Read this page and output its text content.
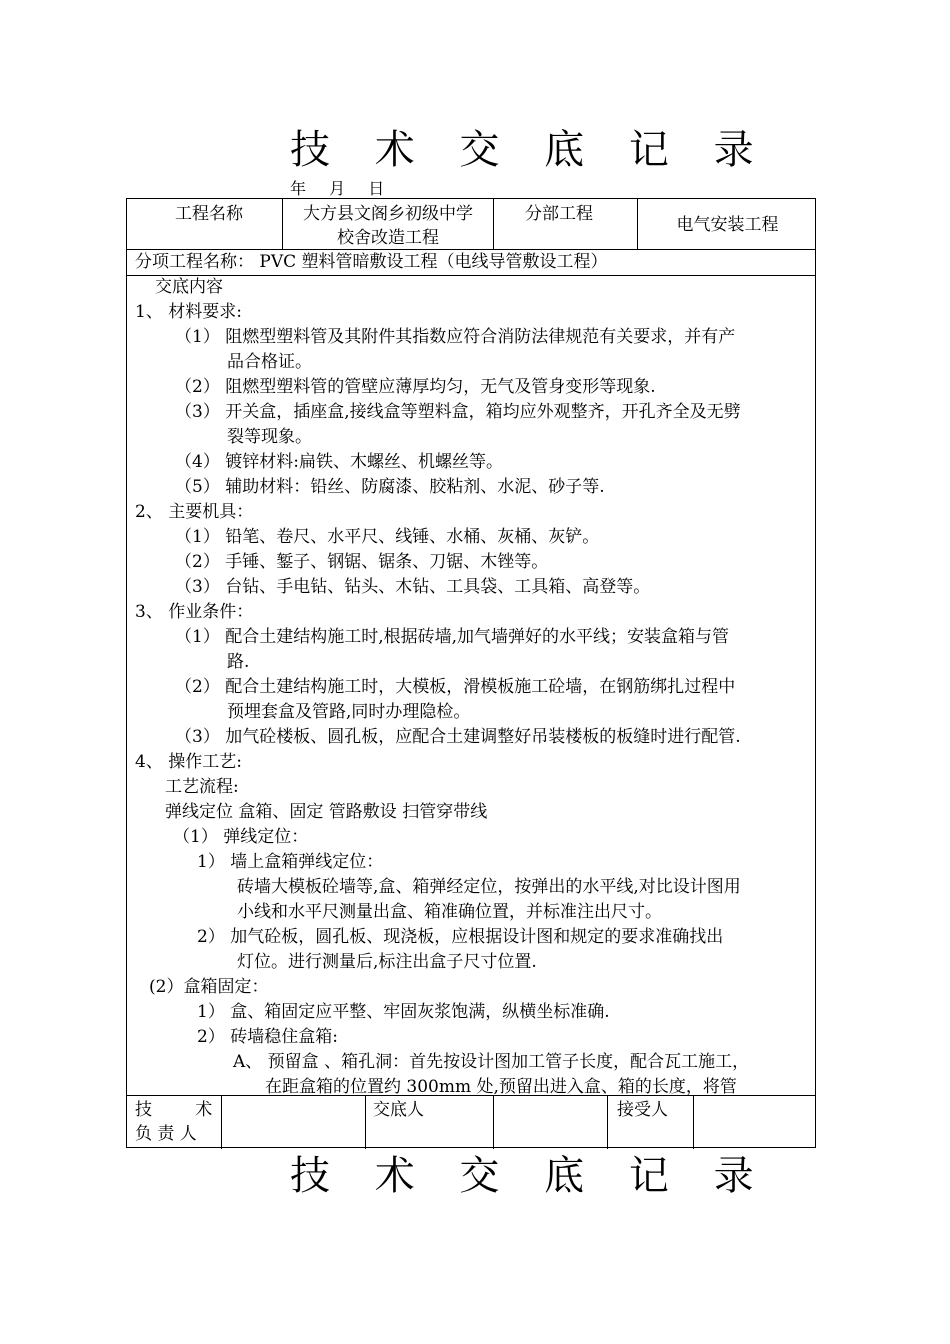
技 术 交 底 记 录
年 月 日
工程名称	大方县文阁乡初级中学
校舍改造工程
分部工程
电气安装工程
分项工程名称： PVC 塑料管暗敷设工程（电线导管敷设工程）
交底内容
1、 材料要求:
（1） 阻燃型塑料管及其附件其指数应符合消防法律规范有关要求，并有产
品合格证。
（2） 阻燃型塑料管的管壁应薄厚均匀，无气及管身变形等现象.
（3） 开关盒，插座盒,接线盒等塑料盒，箱均应外观整齐，开孔齐全及无劈
裂等现象。
（4） 镀锌材料:扁铁、木螺丝、机螺丝等。
（5） 辅助材料：铅丝、防腐漆、胶粘剂、水泥、砂子等.
2、 主要机具：
（1） 铅笔、卷尺、水平尺、线锤、水桶、灰桶、灰铲。
（2） 手锤、錾子、钢锯、锯条、刀锯、木锉等。
（3） 台钻、手电钻、钻头、木钻、工具袋、工具箱、高登等。
3、 作业条件：
（1） 配合土建结构施工时,根据砖墙,加气墙弹好的水平线；安装盒箱与管
路.
（2） 配合土建结构施工时，大模板，滑模板施工砼墙，在钢筋绑扎过程中
预埋套盒及管路,同时办理隐检。
（3） 加气砼楼板、圆孔板，应配合土建调整好吊装楼板的板缝时进行配管.
4、 操作工艺:
工艺流程:
弹线定位 盒箱、固定 管路敷设 扫管穿带线
（1） 弹线定位：
1） 墙上盒箱弹线定位：
砖墙大模板砼墙等,盒、箱弹经定位，按弹出的水平线,对比设计图用
小线和水平尺测量出盒、箱准确位置，并标准注出尺寸。
2） 加气砼板，圆孔板、现浇板，应根据设计图和规定的要求准确找出
灯位。进行测量后,标注出盒子尺寸位置.
(2）盒箱固定：
1） 盒、箱固定应平整、牢固灰浆饱满，纵横坐标准确.
2） 砖墙稳住盒箱:
A、 预留盒 、箱孔洞：首先按设计图加工管子长度，配合瓦工施工，
在距盒箱的位置约 300mm 处,预留出进入盒、箱的长度，将管
技        术
负 责 人
交底人	接受人
技 术 交 底 记 录
